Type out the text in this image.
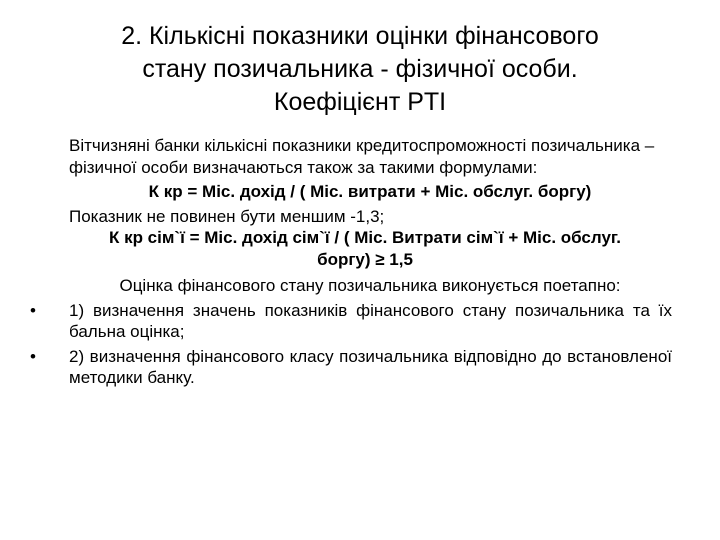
2. Кількісні показники оцінки фінансового
стану позичальника - фізичної особи.
Коефіцієнт PTI

Вітчизняні банки кількісні показники кредитоспроможності позичальника – фізичної особи визначаються також за такими формулами:

К кр = Міс. дохід / ( Міс. витрати + Міс. обслуг. боргу)

Показник не повинен бути меншим -1,3;

К кр сім`ї = Міс. дохід сім`ї / ( Міс. Витрати сім`ї + Міс. обслуг.

боргу) ≥ 1,5

Оцінка фінансового стану позичальника виконується поетапно:

• 1) визначення значень показників фінансового стану позичальника та їх бальна оцінка;
• 2) визначення фінансового класу позичальника відповідно до встановленої методики банку.
